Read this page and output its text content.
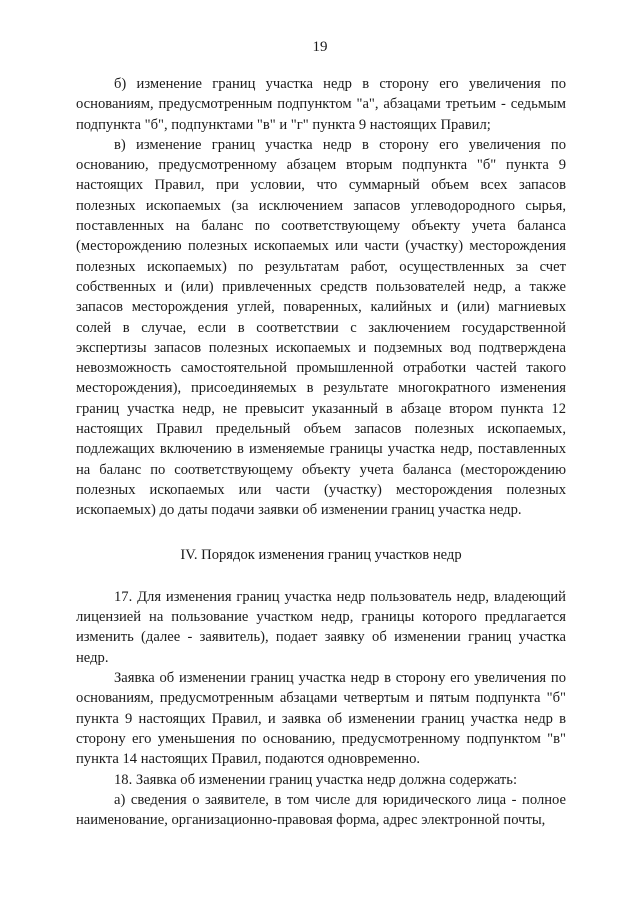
19

б) изменение границ участка недр в сторону его увеличения по основаниям, предусмотренным подпунктом "а", абзацами третьим - седьмым подпункта "б", подпунктами "в" и "г" пункта 9 настоящих Правил;

в) изменение границ участка недр в сторону его увеличения по основанию, предусмотренному абзацем вторым подпункта "б" пункта 9 настоящих Правил, при условии, что суммарный объем всех запасов полезных ископаемых (за исключением запасов углеводородного сырья, поставленных на баланс по соответствующему объекту учета баланса (месторождению полезных ископаемых или части (участку) месторождения полезных ископаемых) по результатам работ, осуществленных за счет собственных и (или) привлеченных средств пользователей недр, а также запасов месторождения углей, поваренных, калийных и (или) магниевых солей в случае, если в соответствии с заключением государственной экспертизы запасов полезных ископаемых и подземных вод подтверждена невозможность самостоятельной промышленной отработки частей такого месторождения), присоединяемых в результате многократного изменения границ участка недр, не превысит указанный в абзаце втором пункта 12 настоящих Правил предельный объем запасов полезных ископаемых, подлежащих включению в изменяемые границы участка недр, поставленных на баланс по соответствующему объекту учета баланса (месторождению полезных ископаемых или части (участку) месторождения полезных ископаемых) до даты подачи заявки об изменении границ участка недр.

IV. Порядок изменения границ участков недр

17. Для изменения границ участка недр пользователь недр, владеющий лицензией на пользование участком недр, границы которого предлагается изменить (далее - заявитель), подает заявку об изменении границ участка недр.

Заявка об изменении границ участка недр в сторону его увеличения по основаниям, предусмотренным абзацами четвертым и пятым подпункта "б" пункта 9 настоящих Правил, и заявка об изменении границ участка недр в сторону его уменьшения по основанию, предусмотренному подпунктом "в" пункта 14 настоящих Правил, подаются одновременно.

18. Заявка об изменении границ участка недр должна содержать:

а) сведения о заявителе, в том числе для юридического лица - полное наименование, организационно-правовая форма, адрес электронной почты,
